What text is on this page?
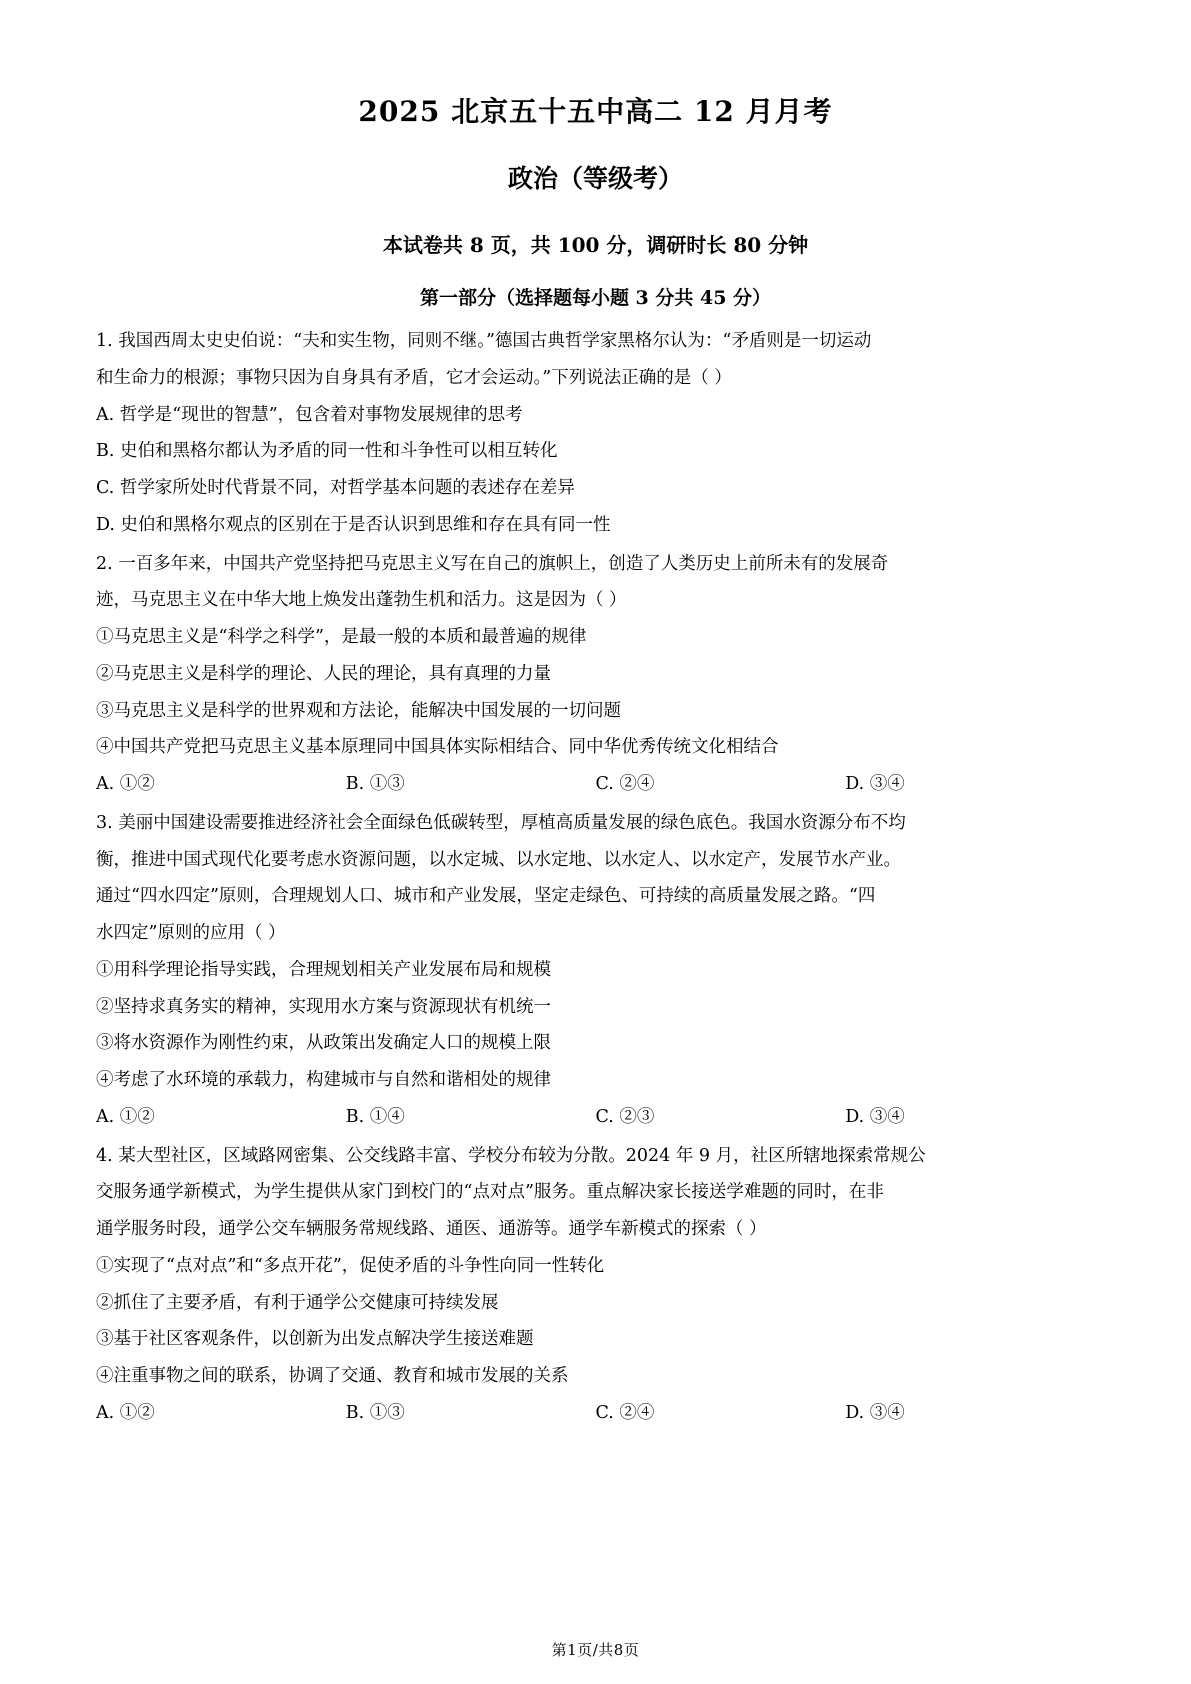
2025 北京五十五中高二 12 月月考
政治（等级考）

本试卷共 8 页，共 100 分，调研时长 80 分钟

第一部分（选择题每小题 3 分共 45 分）

1. 我国西周太史史伯说：“夫和实生物，同则不继。”德国古典哲学家黑格尔认为：“矛盾则是一切运动

和生命力的根源；事物只因为自身具有矛盾，它才会运动。”下列说法正确的是（ ）

A. 哲学是“现世的智慧”，包含着对事物发展规律的思考

B. 史伯和黑格尔都认为矛盾的同一性和斗争性可以相互转化

C. 哲学家所处时代背景不同，对哲学基本问题的表述存在差异

D. 史伯和黑格尔观点的区别在于是否认识到思维和存在具有同一性

2. 一百多年来，中国共产党坚持把马克思主义写在自己的旗帜上，创造了人类历史上前所未有的发展奇

迹，马克思主义在中华大地上焕发出蓬勃生机和活力。这是因为（ ）

①马克思主义是“科学之科学”，是最一般的本质和最普遍的规律

②马克思主义是科学的理论、人民的理论，具有真理的力量

③马克思主义是科学的世界观和方法论，能解决中国发展的一切问题

④中国共产党把马克思主义基本原理同中国具体实际相结合、同中华优秀传统文化相结合

A. ①②	B. ①③	C. ②④	D. ③④

3. 美丽中国建设需要推进经济社会全面绿色低碳转型，厚植高质量发展的绿色底色。我国水资源分布不均

衡，推进中国式现代化要考虑水资源问题，以水定城、以水定地、以水定人、以水定产，发展节水产业。

通过“四水四定”原则，合理规划人口、城市和产业发展，坚定走绿色、可持续的高质量发展之路。“四

水四定”原则的应用（ ）

①用科学理论指导实践，合理规划相关产业发展布局和规模

②坚持求真务实的精神，实现用水方案与资源现状有机统一

③将水资源作为刚性约束，从政策出发确定人口的规模上限

④考虑了水环境的承载力，构建城市与自然和谐相处的规律

A. ①②	B. ①④	C. ②③	D. ③④

4. 某大型社区，区域路网密集、公交线路丰富、学校分布较为分散。2024 年 9 月，社区所辖地探索常规公

交服务通学新模式，为学生提供从家门到校门的“点对点”服务。重点解决家长接送学难题的同时，在非

通学服务时段，通学公交车辆服务常规线路、通医、通游等。通学车新模式的探索（ ）

①实现了“点对点”和“多点开花”，促使矛盾的斗争性向同一性转化

②抓住了主要矛盾，有利于通学公交健康可持续发展

③基于社区客观条件，以创新为出发点解决学生接送难题

④注重事物之间的联系，协调了交通、教育和城市发展的关系

A. ①②	B. ①③	C. ②④	D. ③④
第1页/共8页
